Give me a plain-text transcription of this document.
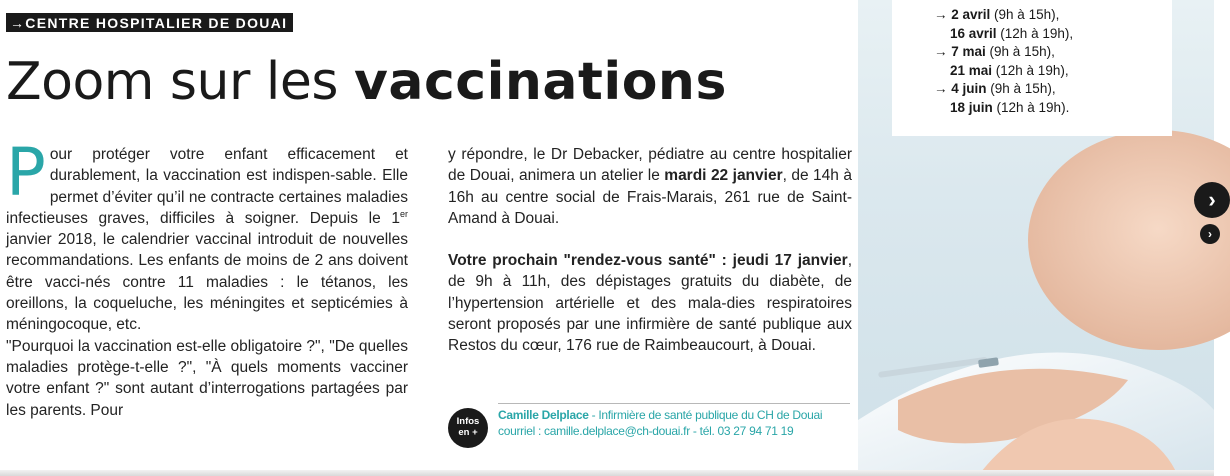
→CENTRE HOSPITALIER DE DOUAI
Zoom sur les vaccinations
P our protéger votre enfant efficacement et durablement, la vaccination est indispen-sable. Elle permet d’éviter qu’il ne contracte certaines maladies infectieuses graves, difficiles à soigner. Depuis le 1er janvier 2018, le calendrier vaccinal introduit de nouvelles recommandations. Les enfants de moins de 2 ans doivent être vacci-nés contre 11 maladies : le tétanos, les oreillons, la coqueluche, les méningites et septicémies à méningocoque, etc.

"Pourquoi la vaccination est-elle obligatoire ?", "De quelles maladies protège-t-elle ?", "À quels moments vacciner votre enfant ?" sont autant d’interrogations partagées par les parents. Pour

y répondre, le Dr Debacker, pédiatre au centre hospitalier de Douai, animera un atelier le mardi 22 janvier, de 14h à 16h au centre social de Frais-Marais, 261 rue de Saint-Amand à Douai.

Votre prochain "rendez-vous santé" : jeudi 17 janvier, de 9h à 11h, des dépistages gratuits du diabète, de l’hypertension artérielle et des mala-dies respiratoires seront proposés par une infirmière de santé publique aux Restos du cœur, 176 rue de Raimbeaucourt, à Douai.

Infos
en +
Camille Delplace - Infirmière de santé publique du CH de Douai
courriel : camille.delplace@ch-douai.fr - tél. 03 27 94 71 19
→ 2 avril (9h à 15h),
16 avril (12h à 19h),
→ 7 mai (9h à 15h),
21 mai (12h à 19h),
→ 4 juin (9h à 15h),
18 juin (12h à 19h).
›
›
